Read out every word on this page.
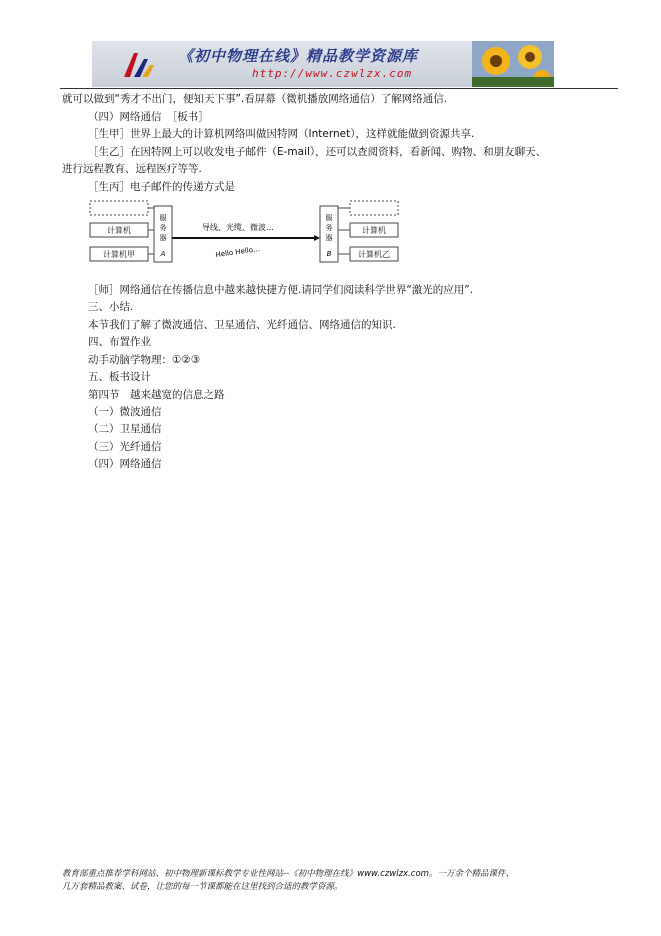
《初中物理在线》精品教学资源库
http://www.czwlzx.com
就可以做到“秀才不出门，便知天下事”.看屏幕（微机播放网络通信）了解网络通信.
（四）网络通信　［板书］
［生甲］世界上最大的计算机网络叫做因特网（Internet），这样就能做到资源共享.
［生乙］在因特网上可以收发电子邮件（E-mail），还可以查阅资料，看新闻、购物、和朋友聊天、
进行远程教育、远程医疗等等.
［生丙］电子邮件的传递方式是
计算机
计算机甲
服
务
器
A
导线、光缆、微波…
Hello Hello…
服
务
器
B
计算机
计算机乙
［师］网络通信在传播信息中越来越快捷方便.请同学们阅读科学世界“激光的应用”.
三、小结.
本节我们了解了微波通信、卫星通信、光纤通信、网络通信的知识.
四、布置作业
动手动脑学物理：①②③
五、板书设计
第四节　越来越宽的信息之路
（一）微波通信
（二）卫星通信
（三）光纤通信
（四）网络通信
教育部重点推荐学科网站、初中物理新课标教学专业性网站--《初中物理在线》www.czwlzx.com。一万余个精品课件、
几万套精品教案、试卷，让您的每一节课都能在这里找到合适的教学资源。
